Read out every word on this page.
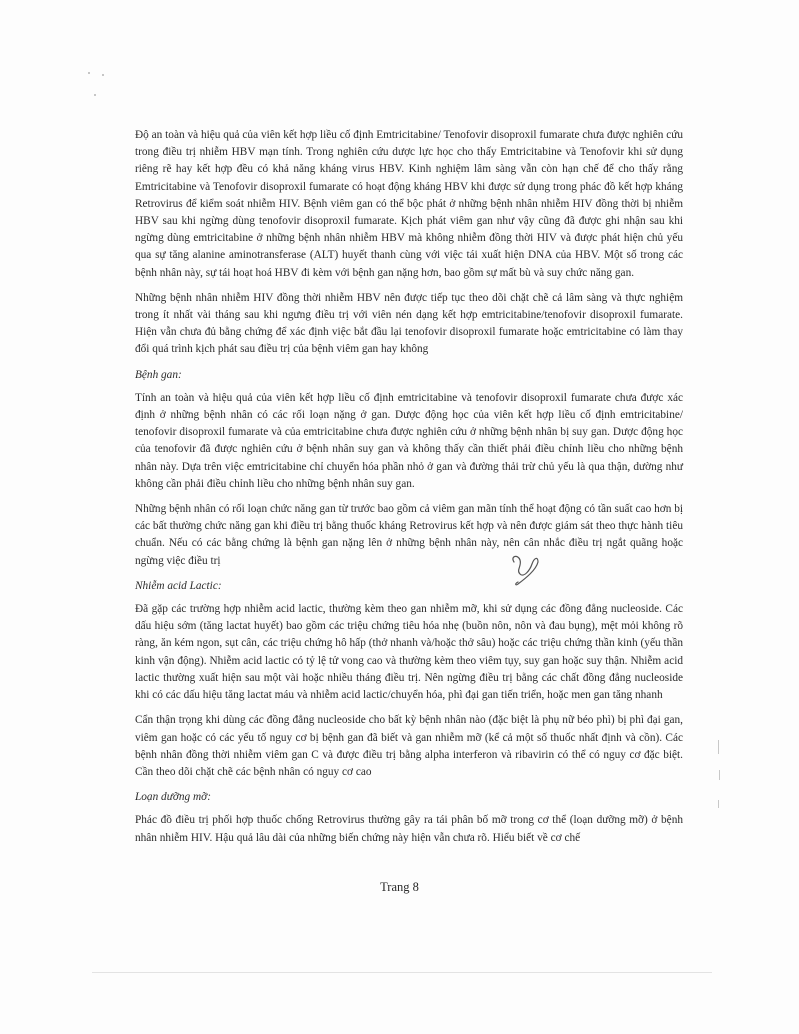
Độ an toàn và hiệu quả của viên kết hợp liều cố định Emtricitabine/ Tenofovir disoproxil fumarate chưa được nghiên cứu trong điều trị nhiễm HBV mạn tính. Trong nghiên cứu dược lực học cho thấy Emtricitabine và Tenofovir khi sử dụng riêng rẽ hay kết hợp đều có khả năng kháng virus HBV. Kinh nghiệm lâm sàng vẫn còn hạn chế để cho thấy rằng Emtricitabine và Tenofovir disoproxil fumarate có hoạt động kháng HBV khi được sử dụng trong phác đồ kết hợp kháng Retrovirus để kiểm soát nhiễm HIV. Bệnh viêm gan có thể bộc phát ở những bệnh nhân nhiễm HIV đồng thời bị nhiễm HBV sau khi ngừng dùng tenofovir disoproxil fumarate. Kịch phát viêm gan như vậy cũng đã được ghi nhận sau khi ngừng dùng emtricitabine ở những bệnh nhân nhiễm HBV mà không nhiễm đồng thời HIV và được phát hiện chủ yếu qua sự tăng alanine aminotransferase (ALT) huyết thanh cùng với việc tái xuất hiện DNA của HBV. Một số trong các bệnh nhân này, sự tái hoạt hoá HBV đi kèm với bệnh gan nặng hơn, bao gồm sự mất bù và suy chức năng gan.

Những bệnh nhân nhiễm HIV đồng thời nhiễm HBV nên được tiếp tục theo dõi chặt chẽ cả lâm sàng và thực nghiệm trong ít nhất vài tháng sau khi ngưng điều trị với viên nén dạng kết hợp emtricitabine/tenofovir disoproxil fumarate. Hiện vẫn chưa đủ bằng chứng để xác định việc bắt đầu lại tenofovir disoproxil fumarate hoặc emtricitabine có làm thay đổi quá trình kịch phát sau điều trị của bệnh viêm gan hay không

Bệnh gan:

Tính an toàn và hiệu quả của viên kết hợp liều cố định emtricitabine và tenofovir disoproxil fumarate chưa được xác định ở những bệnh nhân có các rối loạn nặng ở gan. Dược động học của viên kết hợp liều cố định emtricitabine/ tenofovir disoproxil fumarate và của emtricitabine chưa được nghiên cứu ở những bệnh nhân bị suy gan. Dược động học của tenofovir đã được nghiên cứu ở bệnh nhân suy gan và không thấy cần thiết phải điều chỉnh liều cho những bệnh nhân này. Dựa trên việc emtricitabine chỉ chuyển hóa phần nhỏ ở gan và đường thải trừ chủ yếu là qua thận, dường như không cần phải điều chỉnh liều cho những bệnh nhân suy gan.

Những bệnh nhân có rối loạn chức năng gan từ trước bao gồm cả viêm gan mãn tính thể hoạt động có tần suất cao hơn bị các bất thường chức năng gan khi điều trị bằng thuốc kháng Retrovirus kết hợp và nên được giám sát theo thực hành tiêu chuẩn. Nếu có các bằng chứng là bệnh gan nặng lên ở những bệnh nhân này, nên cân nhắc điều trị ngắt quãng hoặc ngừng việc điều trị

Nhiễm acid Lactic:

Đã gặp các trường hợp nhiễm acid lactic, thường kèm theo gan nhiễm mỡ, khi sử dụng các đồng đẳng nucleoside. Các dấu hiệu sớm (tăng lactat huyết) bao gồm các triệu chứng tiêu hóa nhẹ (buồn nôn, nôn và đau bụng), mệt mỏi không rõ ràng, ăn kém ngon, sụt cân, các triệu chứng hô hấp (thở nhanh và/hoặc thở sâu) hoặc các triệu chứng thần kinh (yếu thần kinh vận động). Nhiễm acid lactic có tỷ lệ tử vong cao và thường kèm theo viêm tụy, suy gan hoặc suy thận. Nhiễm acid lactic thường xuất hiện sau một vài hoặc nhiều tháng điều trị. Nên ngừng điều trị bằng các chất đồng đẳng nucleoside khi có các dấu hiệu tăng lactat máu và nhiễm acid lactic/chuyển hóa, phì đại gan tiến triển, hoặc men gan tăng nhanh

Cẩn thận trọng khi dùng các đồng đẳng nucleoside cho bất kỳ bệnh nhân nào (đặc biệt là phụ nữ béo phì) bị phì đại gan, viêm gan hoặc có các yếu tố nguy cơ bị bệnh gan đã biết và gan nhiễm mỡ (kể cả một số thuốc nhất định và cồn). Các bệnh nhân đồng thời nhiễm viêm gan C và được điều trị bằng alpha interferon và ribavirin có thể có nguy cơ đặc biệt. Cần theo dõi chặt chẽ các bệnh nhân có nguy cơ cao

Loạn dưỡng mỡ:

Phác đồ điều trị phối hợp thuốc chống Retrovirus thường gây ra tái phân bố mỡ trong cơ thể (loạn dưỡng mỡ) ở bệnh nhân nhiễm HIV. Hậu quả lâu dài của những biến chứng này hiện vẫn chưa rõ. Hiểu biết về cơ chế

Trang 8
